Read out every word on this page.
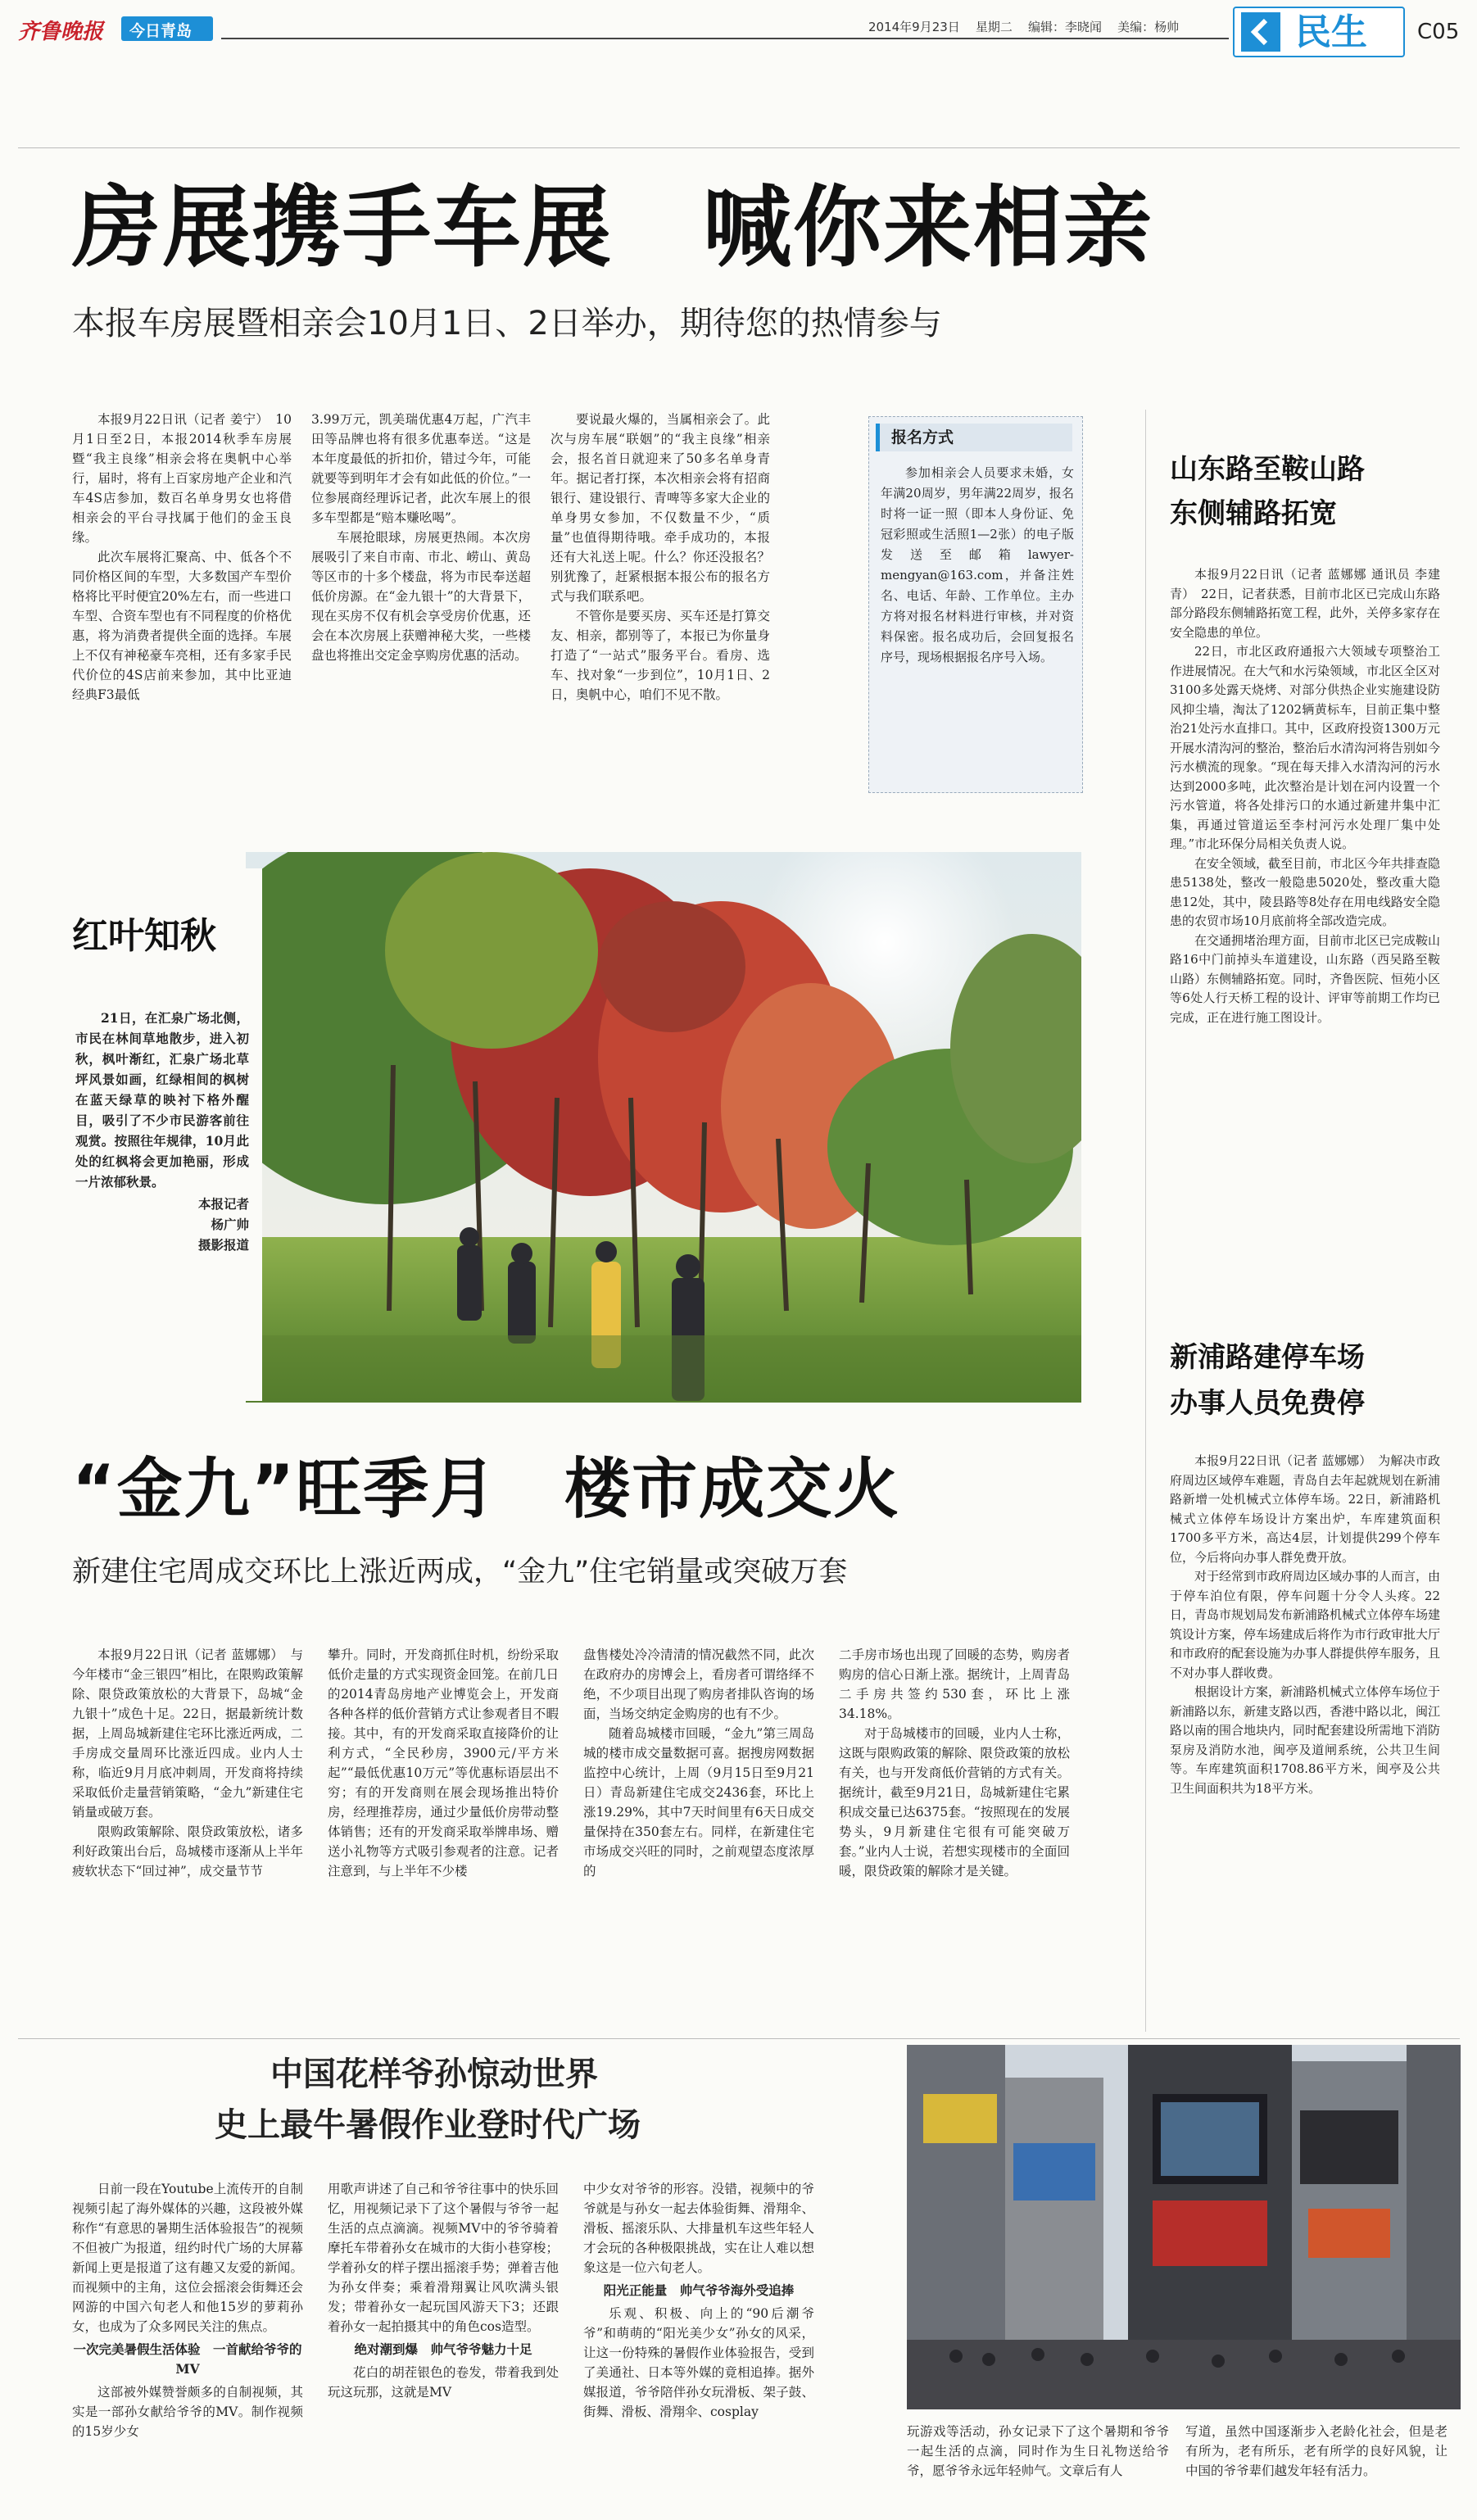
齐鲁晚报 今日青岛	2014年9月23日 星期二 编辑：李晓闻 美编：杨帅	民生 C05
房展携手车展　喊你来相亲
本报车房展暨相亲会10月1日、2日举办，期待您的热情参与

本报9月22日讯（记者 姜宁）　10月1日至2日，本报2014秋季车房展暨“我主良缘”相亲会将在奥帆中心举行，届时，将有上百家房地产企业和汽车4S店参加，数百名单身男女也将借相亲会的平台寻找属于他们的金玉良缘。

此次车展将汇聚高、中、低各个不同价格区间的车型，大多数国产车型价格将比平时便宜20%左右，而一些进口车型、合资车型也有不同程度的价格优惠，将为消费者提供全面的选择。车展上不仅有神秘豪车亮相，还有多家手民代价位的4S店前来参加，其中比亚迪经典F3最低

3.99万元，凯美瑞优惠4万起，广汽丰田等品牌也将有很多优惠奉送。“这是本年度最低的折扣价，错过今年，可能就要等到明年才会有如此低的价位。”一位参展商经理诉记者，此次车展上的很多车型都是“赔本赚吆喝”。

车展抢眼球，房展更热闹。本次房展吸引了来自市南、市北、崂山、黄岛等区市的十多个楼盘，将为市民奉送超低价房源。在“金九银十”的大背景下，现在买房不仅有机会享受房价优惠，还会在本次房展上获赠神秘大奖，一些楼盘也将推出交定金享购房优惠的活动。

要说最火爆的，当属相亲会了。此次与房车展“联姻”的“我主良缘”相亲会，报名首日就迎来了50多名单身青年。据记者打探，本次相亲会将有招商银行、建设银行、青啤等多家大企业的单身男女参加，不仅数量不少，“质量”也值得期待哦。牵手成功的，本报还有大礼送上呢。什么？你还没报名？别犹豫了，赶紧根据本报公布的报名方式与我们联系吧。

不管你是要买房、买车还是打算交友、相亲，都别等了，本报已为你量身打造了“一站式”服务平台。看房、选车、找对象“一步到位”，10月1日、2日，奥帆中心，咱们不见不散。

报名方式

参加相亲会人员要求未婚，女年满20周岁，男年满22周岁，报名时将一证一照（即本人身份证、免冠彩照或生活照1—2张）的电子版发送至邮箱lawyer-mengyan@163.com，并备注姓名、电话、年龄、工作单位。主办方将对报名材料进行审核，并对资料保密。报名成功后，会回复报名序号，现场根据报名序号入场。

山东路至鞍山路
东侧辅路拓宽

本报9月22日讯（记者 蓝娜娜 通讯员 李建青）　22日，记者获悉，目前市北区已完成山东路部分路段东侧辅路拓宽工程，此外，关停多家存在安全隐患的单位。

22日，市北区政府通报六大领域专项整治工作进展情况。在大气和水污染领域，市北区全区对3100多处露天烧烤、对部分供热企业实施建设防风抑尘墙，淘汰了1202辆黄标车，目前正集中整治21处污水直排口。其中，区政府投资1300万元开展水清沟河的整治，整治后水清沟河将告别如今污水横流的现象。“现在每天排入水清沟河的污水达到2000多吨，此次整治是计划在河内设置一个污水管道，将各处排污口的水通过新建井集中汇集，再通过管道运至李村河污水处理厂集中处理。”市北环保分局相关负责人说。

在安全领域，截至目前，市北区今年共排查隐患5138处，整改一般隐患5020处，整改重大隐患12处，其中，陵县路等8处存在用电线路安全隐患的农贸市场10月底前将全部改造完成。

在交通拥堵治理方面，目前市北区已完成鞍山路16中门前掉头车道建设，山东路（西吴路至鞍山路）东侧辅路拓宽。同时，齐鲁医院、恒苑小区等6处人行天桥工程的设计、评审等前期工作均已完成，正在进行施工图设计。

红叶知秋

21日，在汇泉广场北侧，市民在林间草地散步，进入初秋，枫叶渐红，汇泉广场北草坪风景如画，红绿相间的枫树在蓝天绿草的映衬下格外醒目，吸引了不少市民游客前往观赏。按照往年规律，10月此处的红枫将会更加艳丽，形成一片浓郁秋景。

本报记者
杨广帅
摄影报道
新浦路建停车场
办事人员免费停

本报9月22日讯（记者 蓝娜娜）　为解决市政府周边区域停车难题，青岛自去年起就规划在新浦路新增一处机械式立体停车场。22日，新浦路机械式立体停车场设计方案出炉，车库建筑面积1700多平方米，高达4层，计划提供299个停车位，今后将向办事人群免费开放。

对于经常到市政府周边区域办事的人而言，由于停车泊位有限，停车问题十分令人头疼。22日，青岛市规划局发布新浦路机械式立体停车场建筑设计方案，停车场建成后将作为市行政审批大厅和市政府的配套设施为办事人群提供停车服务，且不对办事人群收费。

根据设计方案，新浦路机械式立体停车场位于新浦路以东，新建支路以西，香港中路以北，闽江路以南的围合地块内，同时配套建设所需地下消防泵房及消防水池，闽亭及道闸系统，公共卫生间等。车库建筑面积1708.86平方米，闽亭及公共卫生间面积共为18平方米。

“金九”旺季月　楼市成交火
新建住宅周成交环比上涨近两成，“金九”住宅销量或突破万套

本报9月22日讯（记者 蓝娜娜）　与今年楼市“金三银四”相比，在限购政策解除、限贷政策放松的大背景下，岛城“金九银十”成色十足。22日，据最新统计数据，上周岛城新建住宅环比涨近两成，二手房成交量周环比涨近四成。业内人士称，临近9月月底冲刺周，开发商将持续采取低价走量营销策略，“金九”新建住宅销量或破万套。

限购政策解除、限贷政策放松，诸多利好政策出台后，岛城楼市逐渐从上半年疲软状态下“回过神”，成交量节节

攀升。同时，开发商抓住时机，纷纷采取低价走量的方式实现资金回笼。在前几日的2014青岛房地产业博览会上，开发商各种各样的低价营销方式让参观者目不暇接。其中，有的开发商采取直接降价的让利方式，“全民秒房，3900元/平方米起”“最低优惠10万元”等优惠标语层出不穷；有的开发商则在展会现场推出特价房，经理推荐房，通过少量低价房带动整体销售；还有的开发商采取举牌串场、赠送小礼物等方式吸引参观者的注意。记者注意到，与上半年不少楼

盘售楼处冷冷清清的情况截然不同，此次在政府办的房博会上，看房者可谓络绎不绝，不少项目出现了购房者排队咨询的场面，当场交纳定金购房的也有不少。

随着岛城楼市回暖，“金九”第三周岛城的楼市成交量数据可喜。据搜房网数据监控中心统计，上周（9月15日至9月21日）青岛新建住宅成交2436套，环比上涨19.29%，其中7天时间里有6天日成交量保持在350套左右。同样，在新建住宅市场成交兴旺的同时，之前观望态度浓厚的

二手房市场也出现了回暖的态势，购房者购房的信心日渐上涨。据统计，上周青岛二手房共签约530套，环比上涨34.18%。

对于岛城楼市的回暖，业内人士称，这既与限购政策的解除、限贷政策的放松有关，也与开发商低价营销的方式有关。据统计，截至9月21日，岛城新建住宅累积成交量已达6375套。“按照现在的发展势头，9月新建住宅很有可能突破万套。”业内人士说，若想实现楼市的全面回暖，限贷政策的解除才是关键。

中国花样爷孙惊动世界
史上最牛暑假作业登时代广场

日前一段在Youtube上流传开的自制视频引起了海外媒体的兴趣，这段被外媒称作“有意思的暑期生活体验报告”的视频不但被广为报道，纽约时代广场的大屏幕新闻上更是报道了这有趣又友爱的新闻。而视频中的主角，这位会摇滚会街舞还会网游的中国六旬老人和他15岁的萝莉孙女，也成为了众多网民关注的焦点。

一次完美暑假生活体验　一首献给爷爷的MV

这部被外媒赞誉颇多的自制视频，其实是一部孙女献给爷爷的MV。制作视频的15岁少女

用歌声讲述了自己和爷爷往事中的快乐回忆，用视频记录下了这个暑假与爷爷一起生活的点点滴滴。视频MV中的爷爷骑着摩托车带着孙女在城市的大街小巷穿梭；学着孙女的样子摆出摇滚手势；弹着吉他为孙女伴奏；乘着滑翔翼让风吹满头银发；带着孙女一起玩国风游天下3；还跟着孙女一起拍摄其中的角色cos造型。

绝对潮到爆　帅气爷爷魅力十足

花白的胡茬银色的卷发，带着我到处玩这玩那，这就是MV

中少女对爷爷的形容。没错，视频中的爷爷就是与孙女一起去体验街舞、滑翔伞、滑板、摇滚乐队、大排量机车这些年轻人才会玩的各种极限挑战，实在让人难以想象这是一位六旬老人。

阳光正能量　帅气爷爷海外受追捧

乐观、积极、向上的“90后潮爷爷”和萌萌的“阳光美少女”孙女的风采，让这一份特殊的暑假作业体验报告，受到了美通社、日本等外媒的竟相追捧。据外媒报道，爷爷陪伴孙女玩滑板、架子鼓、街舞、滑板、滑翔伞、cosplay

玩游戏等活动，孙女记录下了这个暑期和爷爷一起生活的点滴，同时作为生日礼物送给爷爷，愿爷爷永远年轻帅气。文章后有人

写道，虽然中国逐渐步入老龄化社会，但是老有所为，老有所乐，老有所学的良好风貌，让中国的爷爷辈们越发年轻有活力。
